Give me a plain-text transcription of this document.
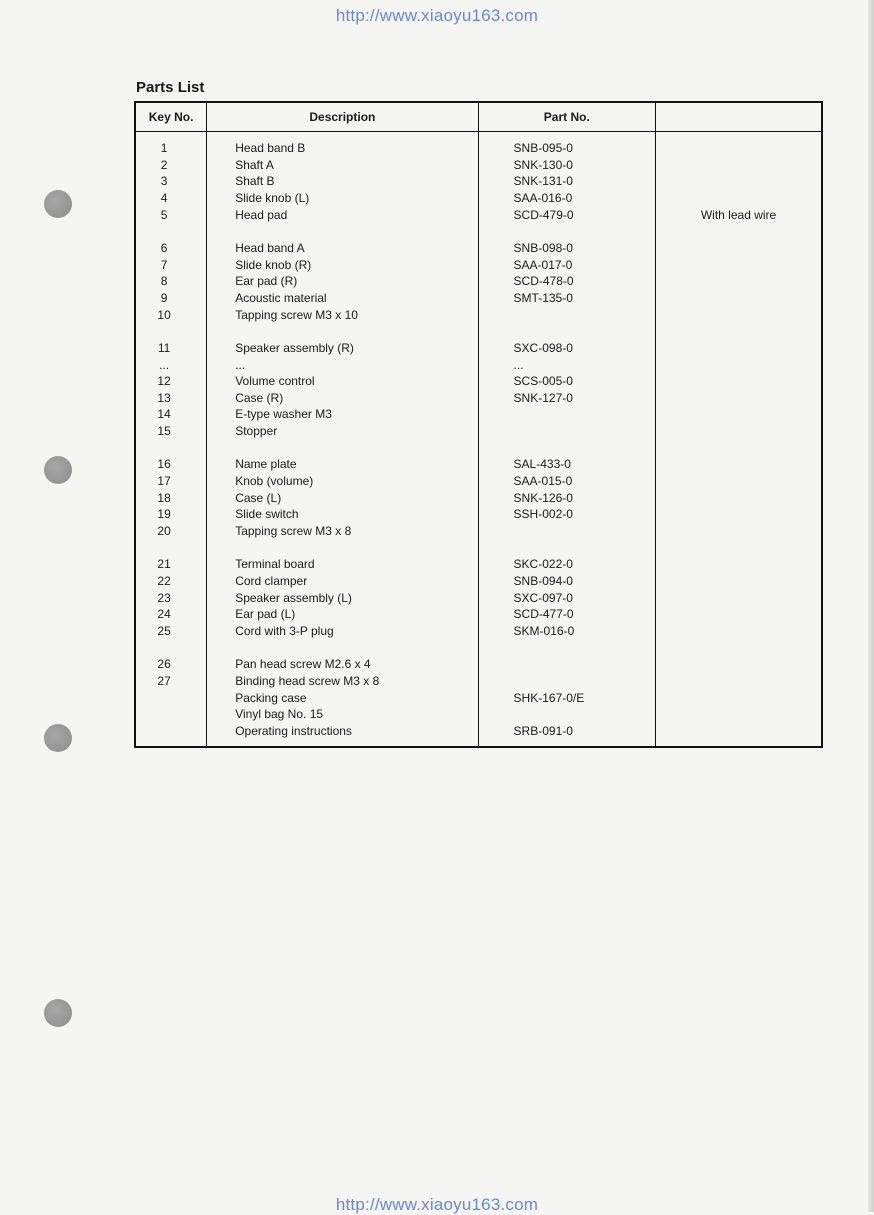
http://www.xiaoyu163.com
Parts List
Key No.	Description	Part No.	
1	Head band B	SNB-095-0	
2	Shaft A	SNK-130-0	
3	Shaft B	SNK-131-0	
4	Slide knob (L)	SAA-016-0	
5	Head pad	SCD-479-0	With lead wire

6	Head band A	SNB-098-0	
7	Slide knob (R)	SAA-017-0	
8	Ear pad (R)	SCD-478-0	
9	Acoustic material	SMT-135-0	
10	Tapping screw M3 x 10		

11	Speaker assembly (R)	SXC-098-0	
...	...	...	
12	Volume control	SCS-005-0	
13	Case (R)	SNK-127-0	
14	E-type washer M3		
15	Stopper		

16	Name plate	SAL-433-0	
17	Knob (volume)	SAA-015-0	
18	Case (L)	SNK-126-0	
19	Slide switch	SSH-002-0	
20	Tapping screw M3 x 8		

21	Terminal board	SKC-022-0	
22	Cord clamper	SNB-094-0	
23	Speaker assembly (L)	SXC-097-0	
24	Ear pad (L)	SCD-477-0	
25	Cord with 3-P plug	SKM-016-0	

26	Pan head screw M2.6 x 4		
27	Binding head screw M3 x 8		
	Packing case	SHK-167-0/E	
	Vinyl bag No. 15		
	Operating instructions	SRB-091-0	
http://www.xiaoyu163.com
